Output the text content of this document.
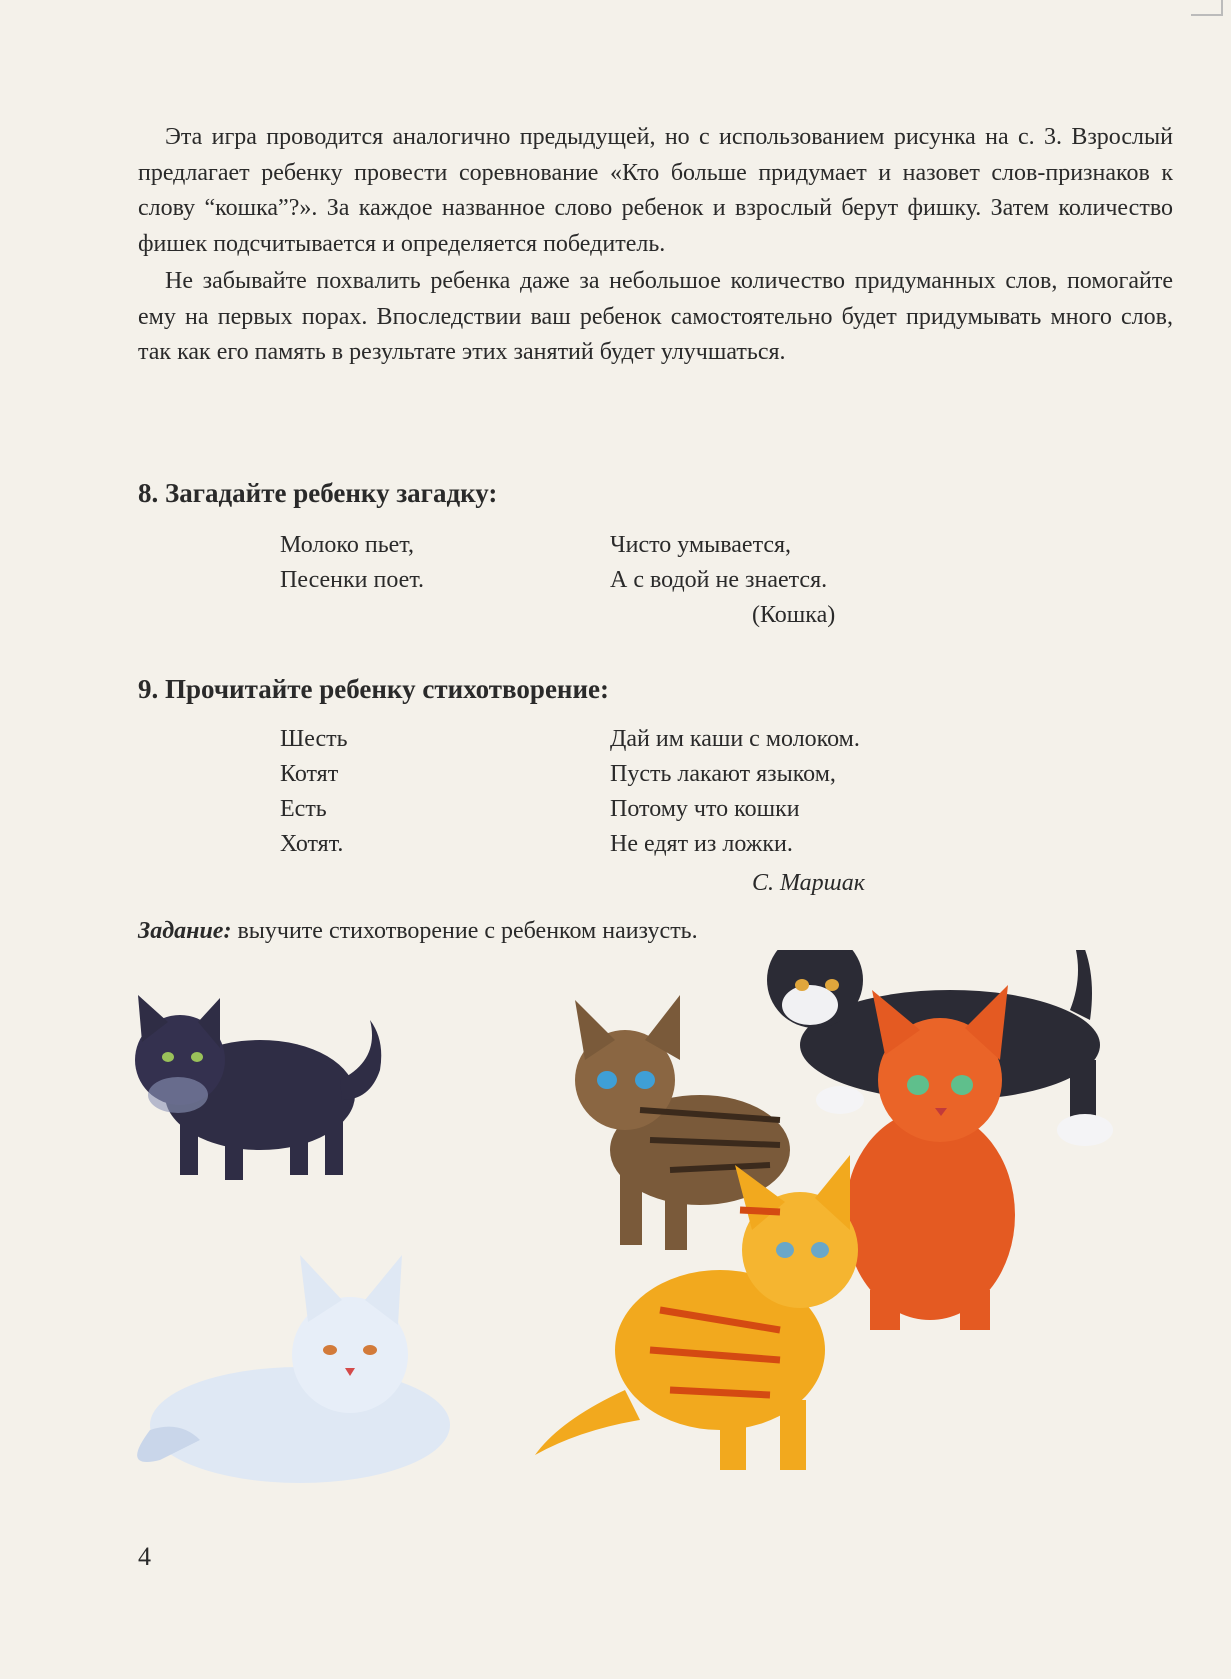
Эта игра проводится аналогично предыдущей, но с использованием рисунка на с. 3. Взрослый предлагает ребенку провести соревнование «Кто больше придумает и назовет слов-признаков к слову “кошка”?». За каждое названное слово ребенок и взрослый берут фишку. Затем количество фишек подсчитывается и определяется победитель.

Не забывайте похвалить ребенка даже за небольшое количество придуманных слов, помогайте ему на первых порах. Впоследствии ваш ребенок самостоятельно будет придумывать много слов, так как его память в результате этих занятий будет улучшаться.

8. Загадайте ребенку загадку:
Молоко пьет,	Чисто умывается,
Песенки поет.	А с водой не знается.
(Кошка)
9. Прочитайте ребенку стихотворение:
Шесть	Дай им каши с молоком.
Котят	Пусть лакают языком,
Есть	Потому что кошки
Хотят.	Не едят из ложки.
С. Маршак
Задание: выучите стихотворение с ребенком наизусть.
4
